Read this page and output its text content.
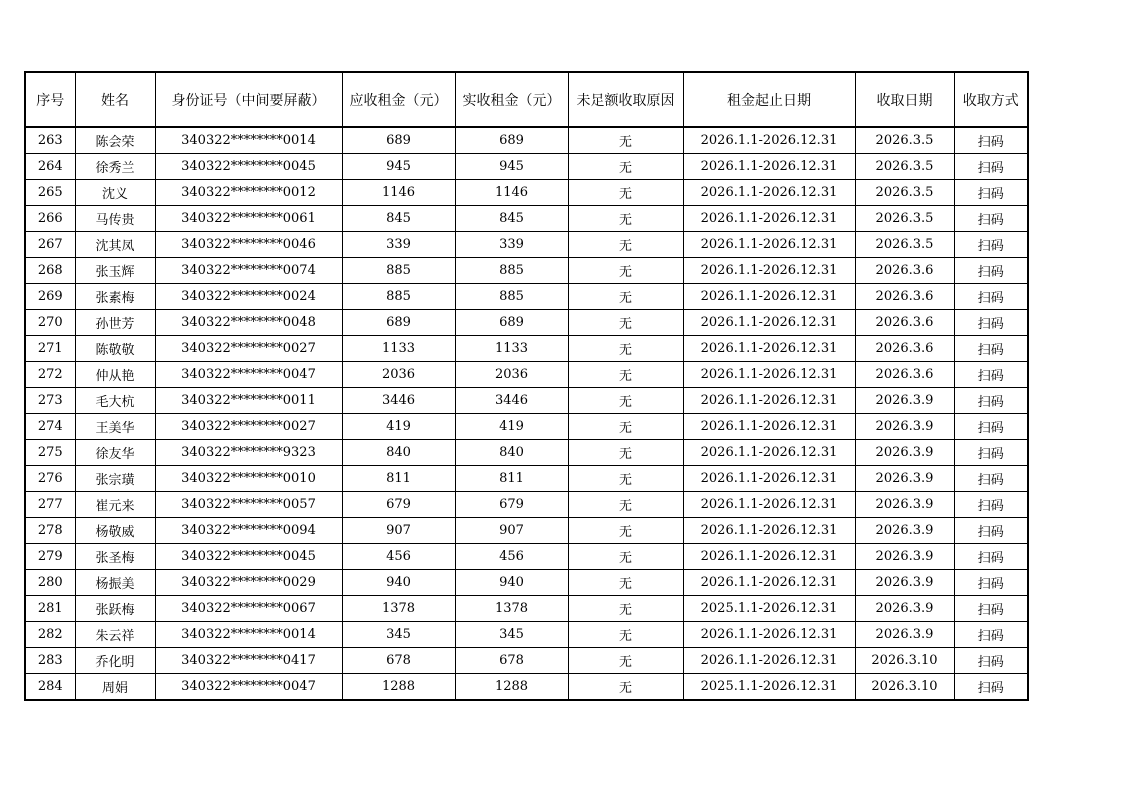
序号	姓名	身份证号（中间要屏蔽）	应收租金（元）	实收租金（元）	未足额收取原因	租金起止日期	收取日期	收取方式
263	陈会荣	340322********0014	689	689	无	2026.1.1-2026.12.31	2026.3.5	扫码
264	徐秀兰	340322********0045	945	945	无	2026.1.1-2026.12.31	2026.3.5	扫码
265	沈义	340322********0012	1146	1146	无	2026.1.1-2026.12.31	2026.3.5	扫码
266	马传贵	340322********0061	845	845	无	2026.1.1-2026.12.31	2026.3.5	扫码
267	沈其凤	340322********0046	339	339	无	2026.1.1-2026.12.31	2026.3.5	扫码
268	张玉辉	340322********0074	885	885	无	2026.1.1-2026.12.31	2026.3.6	扫码
269	张素梅	340322********0024	885	885	无	2026.1.1-2026.12.31	2026.3.6	扫码
270	孙世芳	340322********0048	689	689	无	2026.1.1-2026.12.31	2026.3.6	扫码
271	陈敬敬	340322********0027	1133	1133	无	2026.1.1-2026.12.31	2026.3.6	扫码
272	仲从艳	340322********0047	2036	2036	无	2026.1.1-2026.12.31	2026.3.6	扫码
273	毛大杭	340322********0011	3446	3446	无	2026.1.1-2026.12.31	2026.3.9	扫码
274	王美华	340322********0027	419	419	无	2026.1.1-2026.12.31	2026.3.9	扫码
275	徐友华	340322********9323	840	840	无	2026.1.1-2026.12.31	2026.3.9	扫码
276	张宗璜	340322********0010	811	811	无	2026.1.1-2026.12.31	2026.3.9	扫码
277	崔元来	340322********0057	679	679	无	2026.1.1-2026.12.31	2026.3.9	扫码
278	杨敬威	340322********0094	907	907	无	2026.1.1-2026.12.31	2026.3.9	扫码
279	张圣梅	340322********0045	456	456	无	2026.1.1-2026.12.31	2026.3.9	扫码
280	杨振美	340322********0029	940	940	无	2026.1.1-2026.12.31	2026.3.9	扫码
281	张跃梅	340322********0067	1378	1378	无	2025.1.1-2026.12.31	2026.3.9	扫码
282	朱云祥	340322********0014	345	345	无	2026.1.1-2026.12.31	2026.3.9	扫码
283	乔化明	340322********0417	678	678	无	2026.1.1-2026.12.31	2026.3.10	扫码
284	周娟	340322********0047	1288	1288	无	2025.1.1-2026.12.31	2026.3.10	扫码
